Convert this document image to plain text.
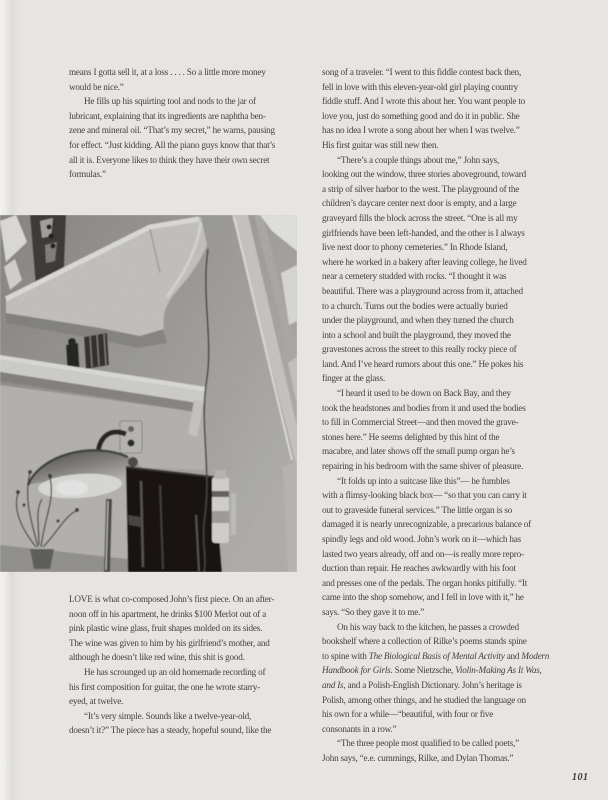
means I gotta sell it, at a loss . . . . So a little more money
would be nice.”

He fills up his squirting tool and nods to the jar of
lubricant, explaining that its ingredients are naphtha ben-
zene and mineral oil. “That’s my secret,” he warns, pausing
for effect. “Just kidding. All the piano guys know that that’s
all it is. Everyone likes to think they have their own secret
formulas.”

LOVE is what co-composed John’s first piece. On an after-
noon off in his apartment, he drinks $100 Merlot out of a
pink plastic wine glass, fruit shapes molded on its sides.
The wine was given to him by his girlfriend’s mother, and
although he doesn’t like red wine, this shit is good.

He has scrounged up an old homemade recording of
his first composition for guitar, the one he wrote starry-
eyed, at twelve.

“It’s very simple. Sounds like a twelve-year-old,
doesn’t it?” The piece has a steady, hopeful sound, like the

song of a traveler. “I went to this fiddle contest back then,
fell in love with this eleven-year-old girl playing country
fiddle stuff. And I wrote this about her. You want people to
love you, just do something good and do it in public. She
has no idea I wrote a song about her when I was twelve.”
His first guitar was still new then.

“There’s a couple things about me,” John says,
looking out the window, three stories aboveground, toward
a strip of silver harbor to the west. The playground of the
children’s daycare center next door is empty, and a large
graveyard fills the block across the street. “One is all my
girlfriends have been left-handed, and the other is I always
live next door to phony cemeteries.” In Rhode Island,
where he worked in a bakery after leaving college, he lived
near a cemetery studded with rocks. “I thought it was
beautiful. There was a playground across from it, attached
to a church. Turns out the bodies were actually buried
under the playground, and when they turned the church
into a school and built the playground, they moved the
gravestones across the street to this really rocky piece of
land. And I’ve heard rumors about this one.” He pokes his
finger at the glass.

“I heard it used to be down on Back Bay, and they
took the headstones and bodies from it and used the bodies
to fill in Commercial Street—and then moved the grave-
stones here.” He seems delighted by this hint of the
macabre, and later shows off the small pump organ he’s
repairing in his bedroom with the same shiver of pleasure.

“It folds up into a suitcase like this”— he fumbles
with a flimsy-looking black box— “so that you can carry it
out to graveside funeral services.” The little organ is so
damaged it is nearly unrecognizable, a precarious balance of
spindly legs and old wood. John’s work on it—which has
lasted two years already, off and on—is really more repro-
duction than repair. He reaches awkwardly with his foot
and presses one of the pedals. The organ honks pitifully. “It
came into the shop somehow, and I fell in love with it,” he
says. “So they gave it to me.”

On his way back to the kitchen, he passes a crowded
bookshelf where a collection of Rilke’s poems stands spine
to spine with The Biological Basis of Mental Activity and Modern
Handbook for Girls. Some Nietzsche, Violin-Making As It Was,
and Is, and a Polish-English Dictionary. John’s heritage is
Polish, among other things, and he studied the language on
his own for a while—“beautiful, with four or five
consonants in a row.”

“The three people most qualified to be called poets,”
John says, “e.e. cummings, Rilke, and Dylan Thomas.”

101
